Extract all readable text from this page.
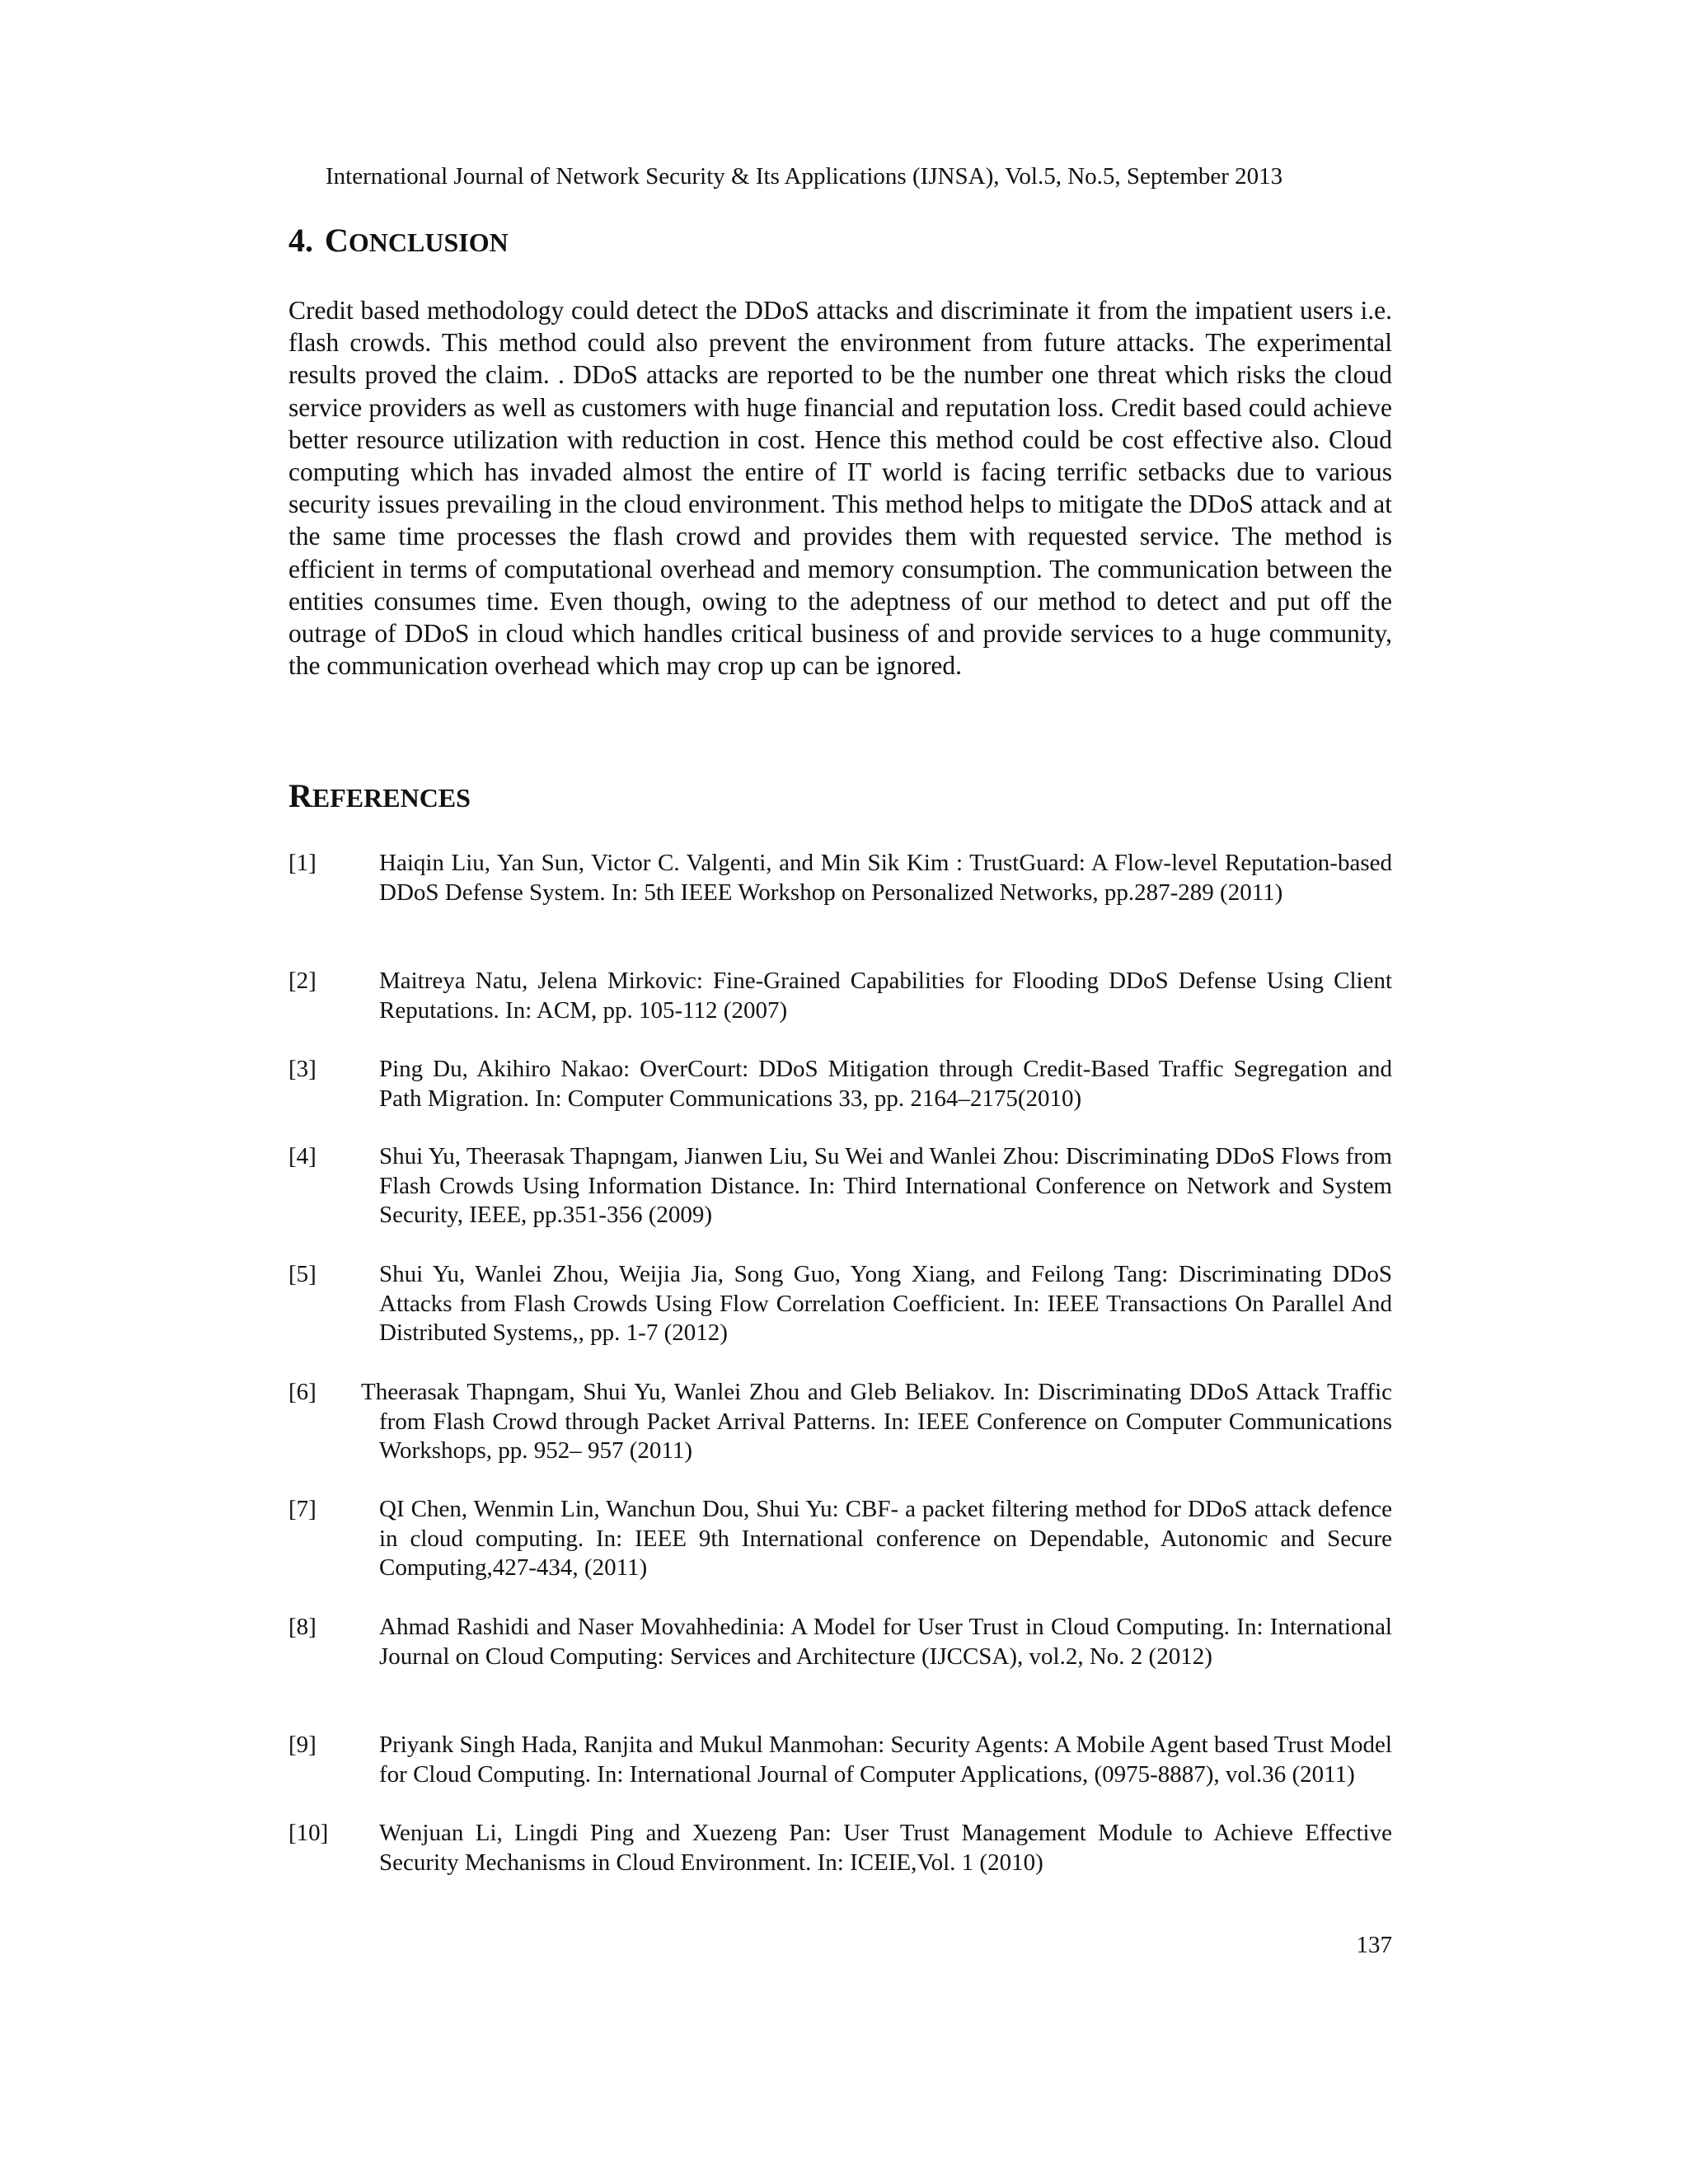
International Journal of Network Security & Its Applications (IJNSA), Vol.5, No.5, September 2013
4. CONCLUSION
Credit based methodology could detect the DDoS attacks and discriminate it from the impatient users i.e. flash crowds. This method could also prevent the environment from future attacks. The experimental results proved the claim. . DDoS attacks are reported to be the number one threat which risks the cloud service providers as well as customers with huge financial and reputation loss. Credit based could achieve better resource utilization with reduction in cost. Hence this method could be cost effective also. Cloud computing which has invaded almost the entire of IT world is facing terrific setbacks due to various security issues prevailing in the cloud environment. This method helps to mitigate the DDoS attack and at the same time processes the flash crowd and provides them with requested service. The method is efficient in terms of computational overhead and memory consumption. The communication between the entities consumes time. Even though, owing to the adeptness of our method to detect and put off the outrage of DDoS in cloud which handles critical business of and provide services to a huge community, the communication overhead which may crop up can be ignored.
REFERENCES
[1]	Haiqin Liu, Yan Sun, Victor C. Valgenti, and Min Sik Kim : TrustGuard: A Flow-level Reputation-based DDoS Defense System. In: 5th IEEE Workshop on Personalized Networks, pp.287-289 (2011)
[2]	Maitreya Natu, Jelena Mirkovic: Fine-Grained Capabilities for Flooding DDoS Defense Using Client Reputations. In: ACM, pp. 105-112 (2007)
[3]	Ping Du, Akihiro Nakao: OverCourt: DDoS Mitigation through Credit-Based Traffic Segregation and Path Migration. In: Computer Communications 33, pp. 2164–2175(2010)
[4]	Shui Yu, Theerasak Thapngam, Jianwen Liu, Su Wei and Wanlei Zhou: Discriminating DDoS Flows from Flash Crowds Using Information Distance. In: Third International Conference on Network and System Security, IEEE, pp.351-356 (2009)
[5]	Shui Yu, Wanlei Zhou, Weijia Jia, Song Guo, Yong Xiang, and Feilong Tang: Discriminating DDoS Attacks from Flash Crowds Using Flow Correlation Coefficient. In: IEEE Transactions On Parallel And Distributed Systems,, pp. 1-7 (2012)
[6] Theerasak Thapngam, Shui Yu, Wanlei Zhou and Gleb Beliakov. In: Discriminating DDoS Attack Traffic from Flash Crowd through Packet Arrival Patterns. In: IEEE Conference on Computer Communications Workshops, pp. 952– 957 (2011)
[7]	QI Chen, Wenmin Lin, Wanchun Dou, Shui Yu: CBF- a packet filtering method for DDoS attack defence in cloud computing. In: IEEE 9th International conference on Dependable, Autonomic and Secure Computing,427-434, (2011)
[8]	Ahmad Rashidi and Naser Movahhedinia: A Model for User Trust in Cloud Computing. In: International Journal on Cloud Computing: Services and Architecture (IJCCSA), vol.2, No. 2 (2012)
[9]	Priyank Singh Hada, Ranjita and Mukul Manmohan: Security Agents: A Mobile Agent based Trust Model for Cloud Computing. In: International Journal of Computer Applications, (0975-8887), vol.36 (2011)
[10] Wenjuan Li, Lingdi Ping and Xuezeng Pan: User Trust Management Module to Achieve Effective Security Mechanisms in Cloud Environment. In: ICEIE,Vol. 1 (2010)
137
